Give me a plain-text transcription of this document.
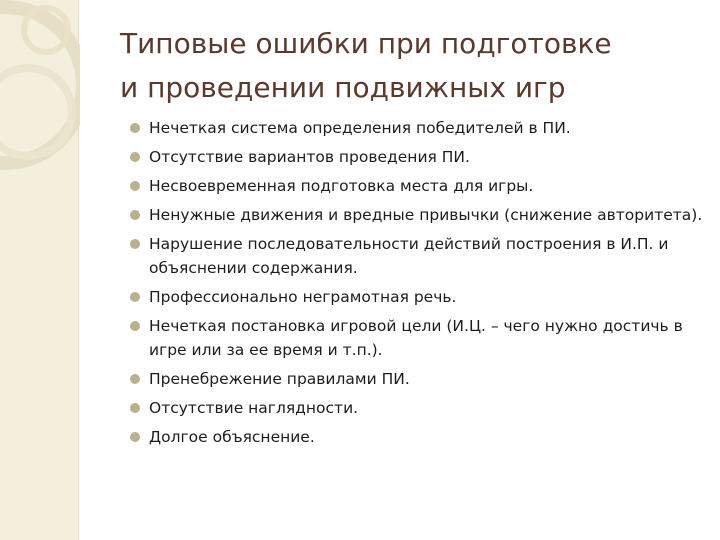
Типовые ошибки при подготовке
и проведении подвижных игр
Нечеткая система определения победителей в ПИ.
Отсутствие вариантов проведения ПИ.
Несвоевременная подготовка места для игры.
Ненужные движения и вредные привычки (снижение авторитета).
Нарушение последовательности действий построения в И.П. и объяснении содержания.
Профессионально неграмотная речь.
Нечеткая постановка игровой цели (И.Ц. – чего нужно достичь в игре или за ее время и т.п.).
Пренебрежение правилами ПИ.
Отсутствие наглядности.
Долгое объяснение.
